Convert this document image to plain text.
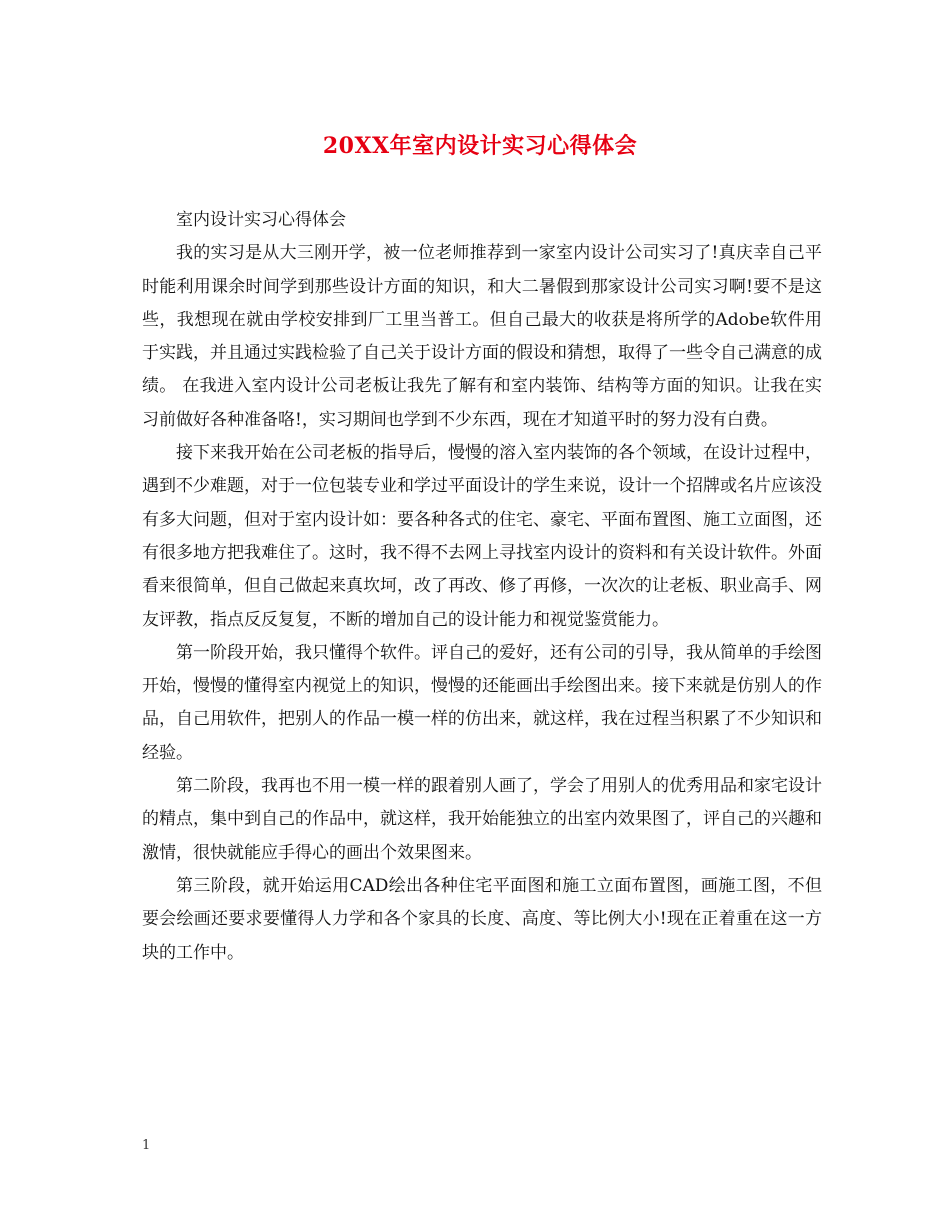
20XX年室内设计实习心得体会

室内设计实习心得体会

我的实习是从大三刚开学，被一位老师推荐到一家室内设计公司实习了!真庆幸自己平时能利用课余时间学到那些设计方面的知识，和大二暑假到那家设计公司实习啊!要不是这些，我想现在就由学校安排到厂工里当普工。但自己最大的收获是将所学的Adobe软件用于实践，并且通过实践检验了自己关于设计方面的假设和猜想，取得了一些令自己满意的成绩。 在我进入室内设计公司老板让我先了解有和室内装饰、结构等方面的知识。让我在实习前做好各种准备咯!，实习期间也学到不少东西，现在才知道平时的努力没有白费。

接下来我开始在公司老板的指导后，慢慢的溶入室内装饰的各个领域，在设计过程中，遇到不少难题，对于一位包装专业和学过平面设计的学生来说，设计一个招牌或名片应该没有多大问题，但对于室内设计如：要各种各式的住宅、豪宅、平面布置图、施工立面图，还有很多地方把我难住了。这时，我不得不去网上寻找室内设计的资料和有关设计软件。外面看来很简单，但自己做起来真坎坷，改了再改、修了再修，一次次的让老板、职业高手、网友评教，指点反反复复，不断的增加自己的设计能力和视觉鉴赏能力。

第一阶段开始，我只懂得个软件。评自己的爱好，还有公司的引导，我从简单的手绘图开始，慢慢的懂得室内视觉上的知识，慢慢的还能画出手绘图出来。接下来就是仿别人的作品，自己用软件，把别人的作品一模一样的仿出来，就这样，我在过程当积累了不少知识和经验。

第二阶段，我再也不用一模一样的跟着别人画了，学会了用别人的优秀用品和家宅设计的精点，集中到自己的作品中，就这样，我开始能独立的出室内效果图了，评自己的兴趣和激情，很快就能应手得心的画出个效果图来。

第三阶段，就开始运用CAD绘出各种住宅平面图和施工立面布置图，画施工图，不但要会绘画还要求要懂得人力学和各个家具的长度、高度、等比例大小!现在正着重在这一方块的工作中。

1
